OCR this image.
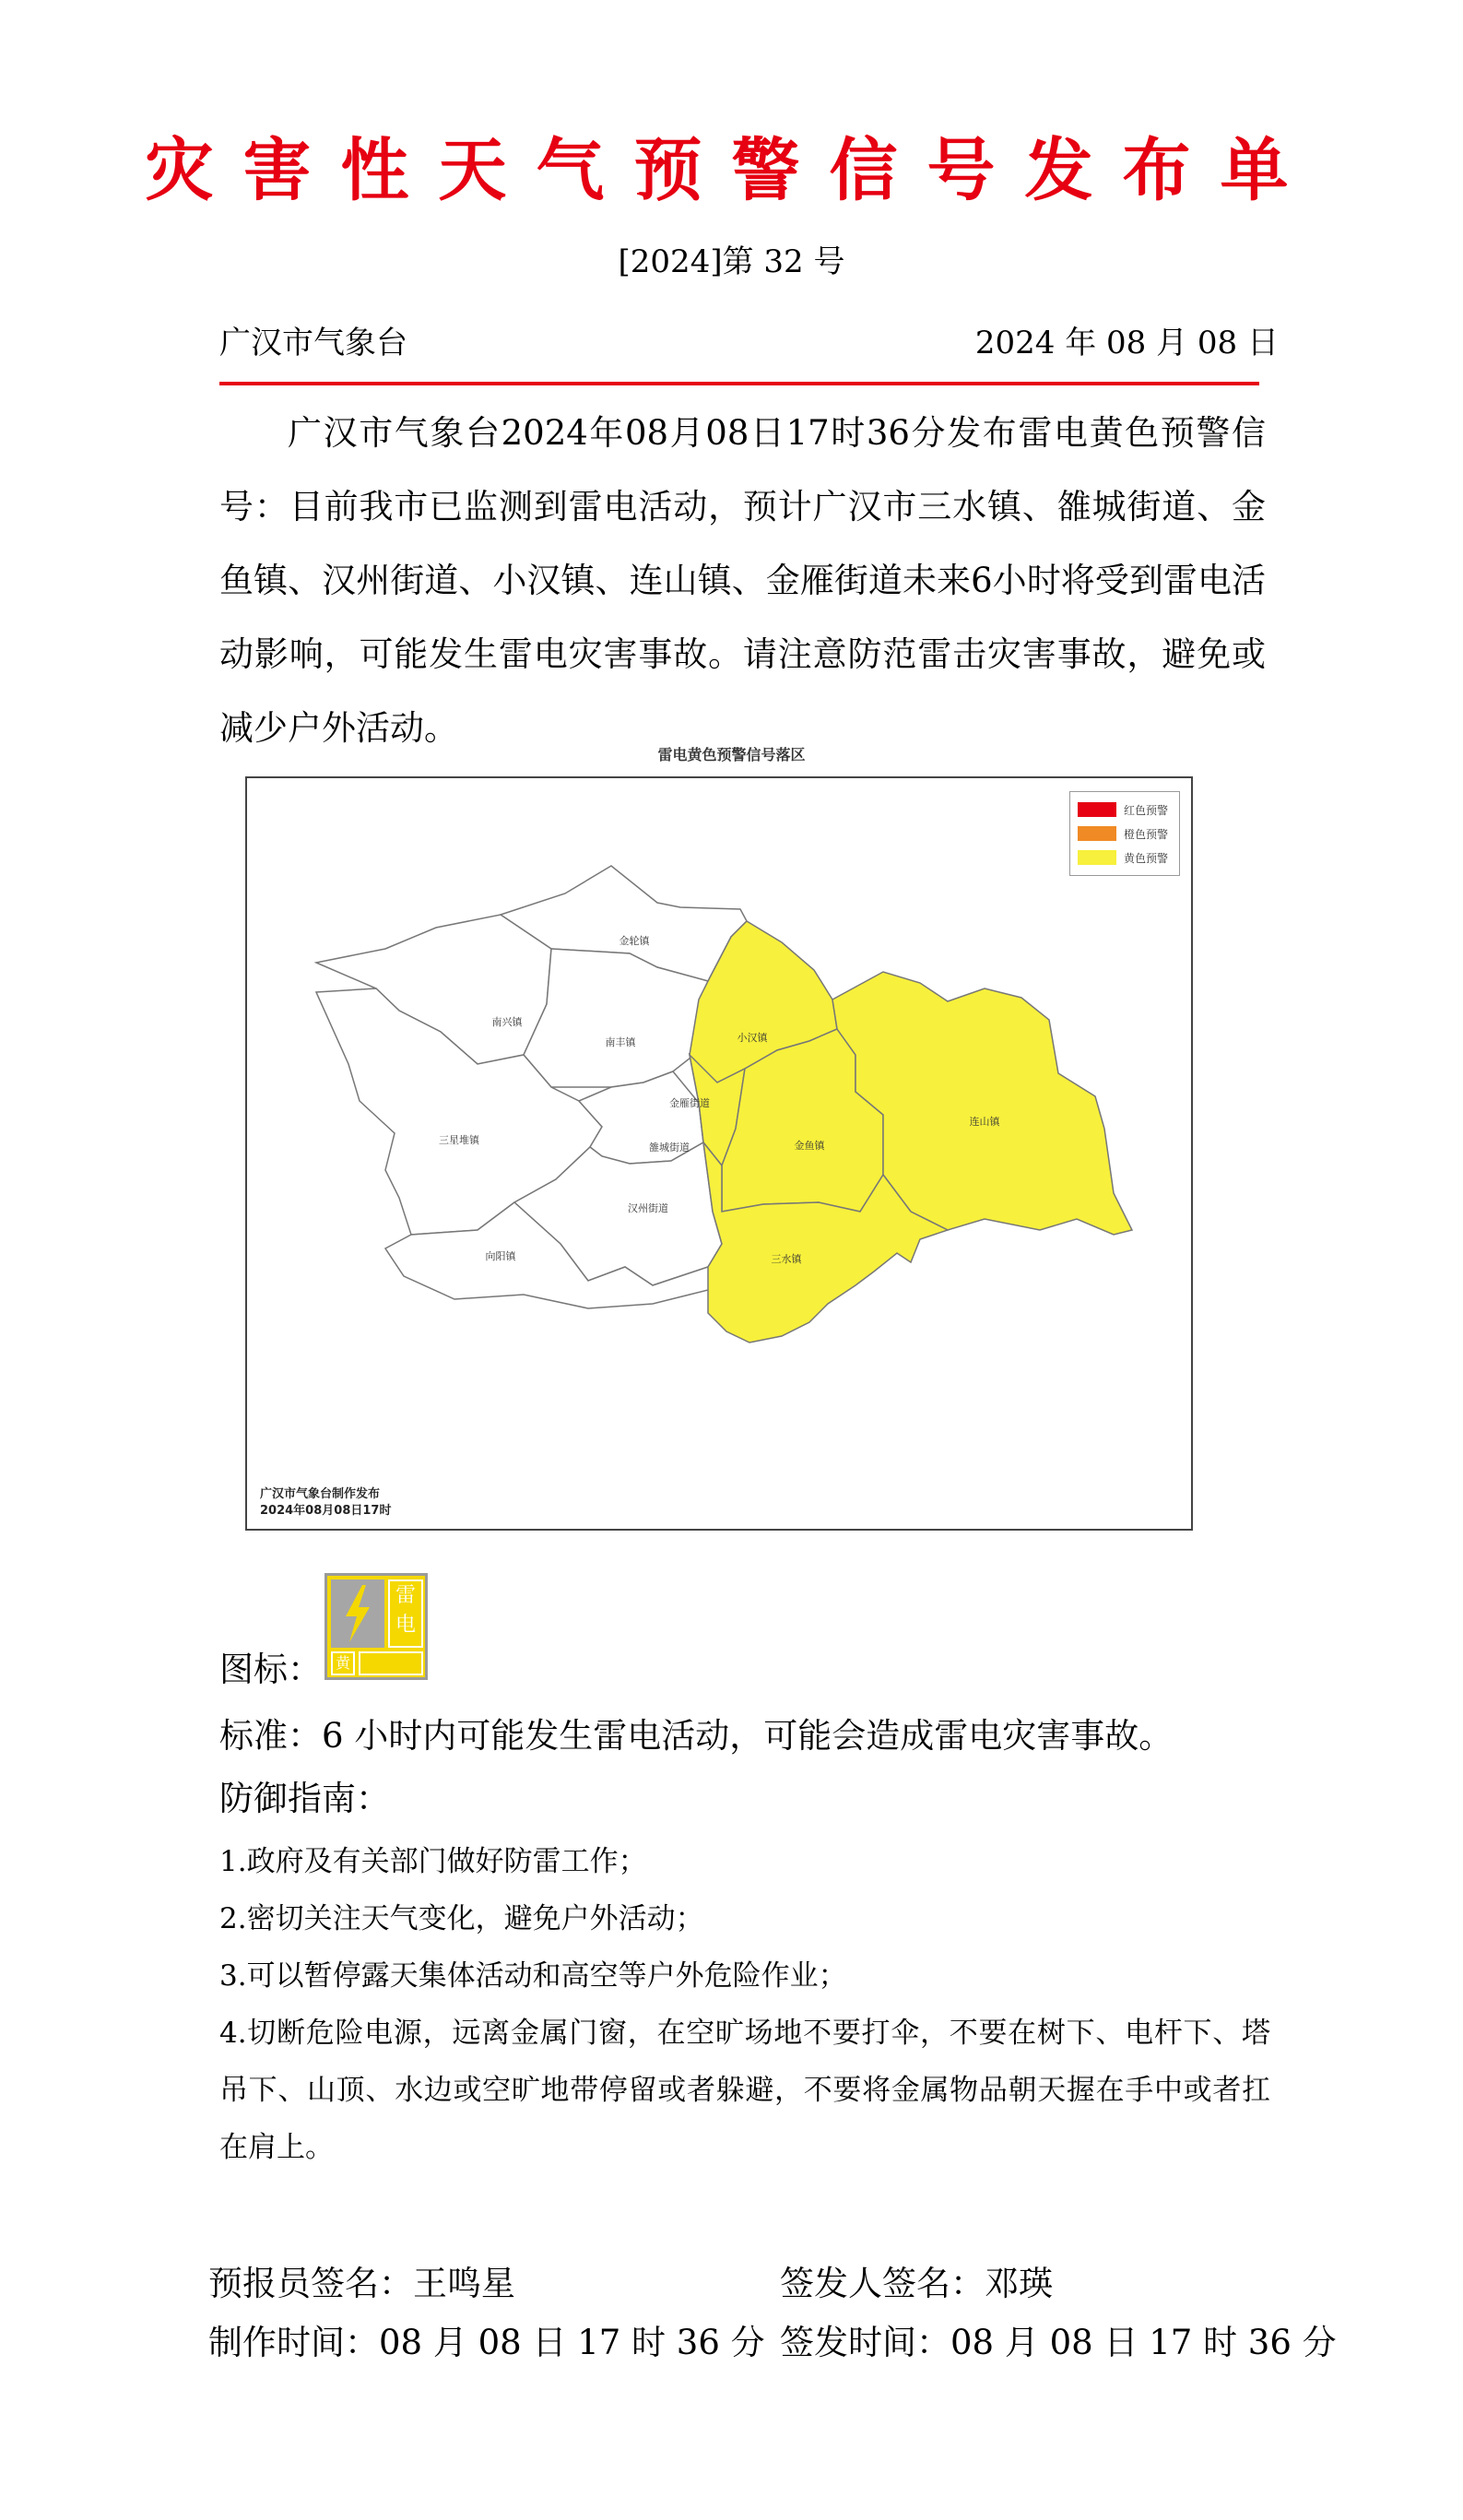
灾害性天气预警信号发布单
[2024]第 32 号
广汉市气象台	2024 年 08 月 08 日
广汉市气象台2024年08月08日17时36分发布雷电黄色预警信号：目前我市已监测到雷电活动，预计广汉市三水镇、雒城街道、金鱼镇、汉州街道、小汉镇、连山镇、金雁街道未来6小时将受到雷电活动影响，可能发生雷电灾害事故。请注意防范雷击灾害事故，避免或减少户外活动。
雷电黄色预警信号落区
金轮镇
南兴镇
南丰镇	小汉镇
金雁街道
金鱼镇
连山镇
三星堆镇
雒城街道
汉州街道
向阳镇	三水镇
红色预警
橙色预警
黄色预警
广汉市气象台制作发布
2024年08月08日17时
图标：
雷电
黄
标准：6 小时内可能发生雷电活动，可能会造成雷电灾害事故。
防御指南：
1.政府及有关部门做好防雷工作；
2.密切关注天气变化，避免户外活动；
3.可以暂停露天集体活动和高空等户外危险作业；
4.切断危险电源，远离金属门窗，在空旷场地不要打伞，不要在树下、电杆下、塔吊下、山顶、水边或空旷地带停留或者躲避，不要将金属物品朝天握在手中或者扛在肩上。
预报员签名：王鸣星	签发人签名：邓瑛
制作时间：08 月 08 日 17 时 36 分 签发时间：08 月 08 日 17 时 36 分
